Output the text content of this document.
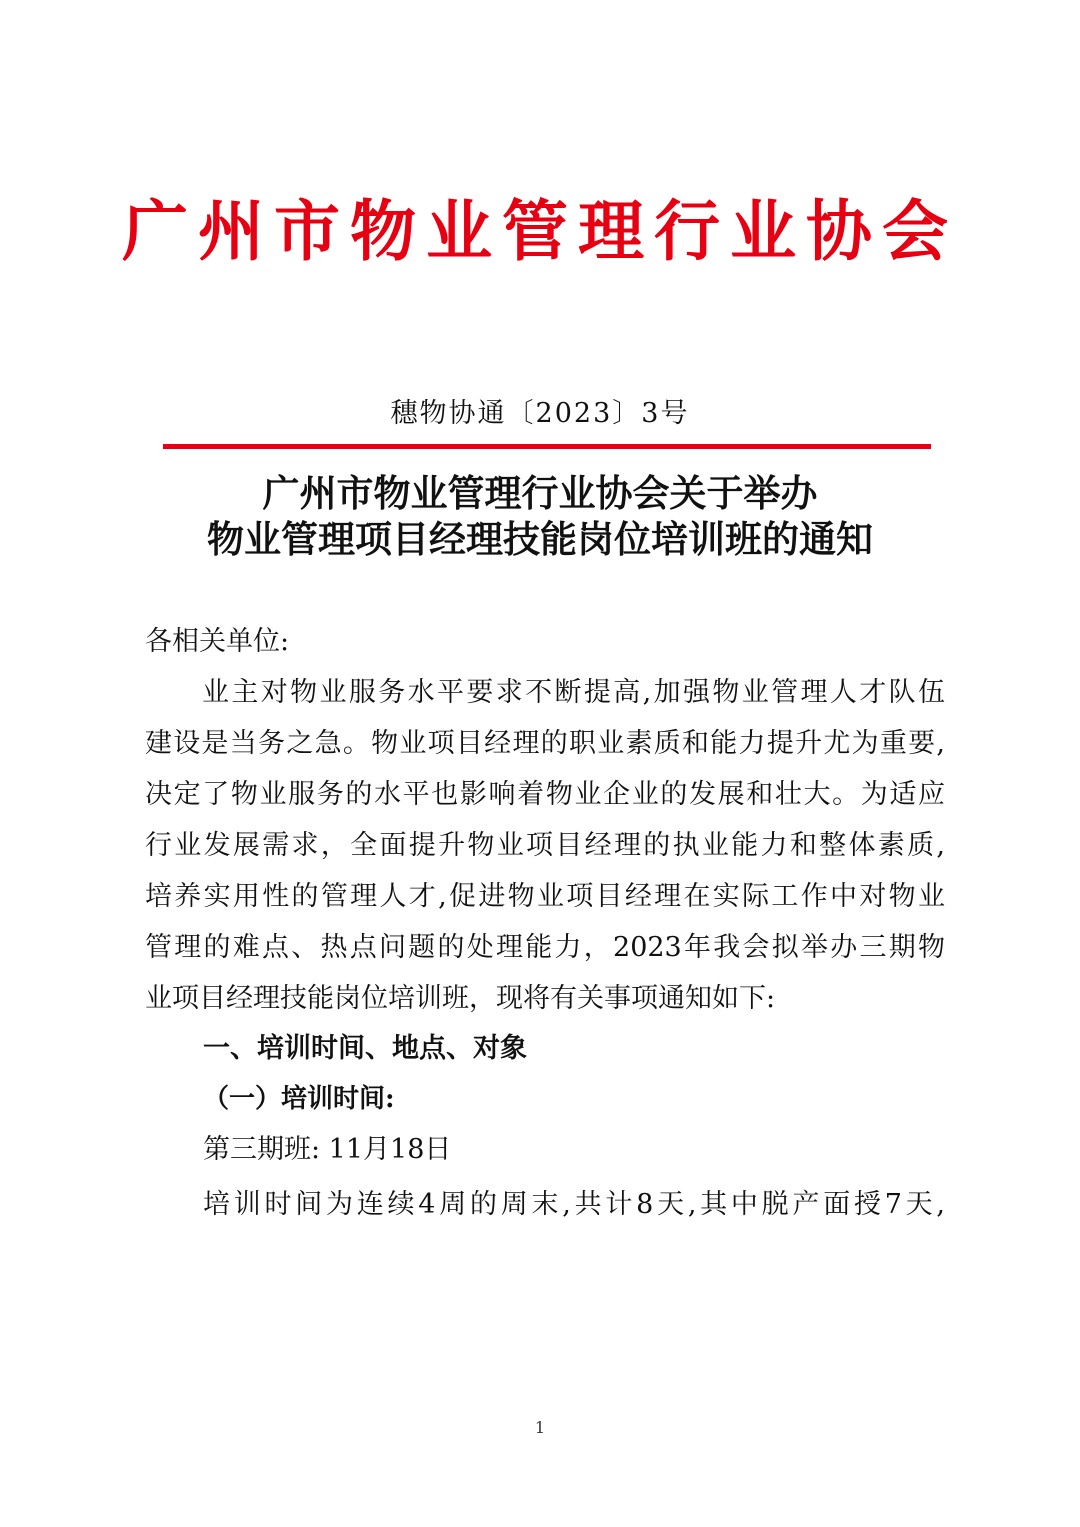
广州市物业管理行业协会
穗物协通〔2023〕3号
广州市物业管理行业协会关于举办
物业管理项目经理技能岗位培训班的通知
各相关单位:
业主对物业服务水平要求不断提高,加强物业管理人才队伍
建设是当务之急。物业项目经理的职业素质和能力提升尤为重要,
决定了物业服务的水平也影响着物业企业的发展和壮大。为适应
行业发展需求，全面提升物业项目经理的执业能力和整体素质,
培养实用性的管理人才,促进物业项目经理在实际工作中对物业
管理的难点、热点问题的处理能力，2023年我会拟举办三期物
业项目经理技能岗位培训班，现将有关事项通知如下:
一、培训时间、地点、对象
（一）培训时间:
第三期班: 11月18日
培训时间为连续4周的周末,共计8天,其中脱产面授7天,
1
